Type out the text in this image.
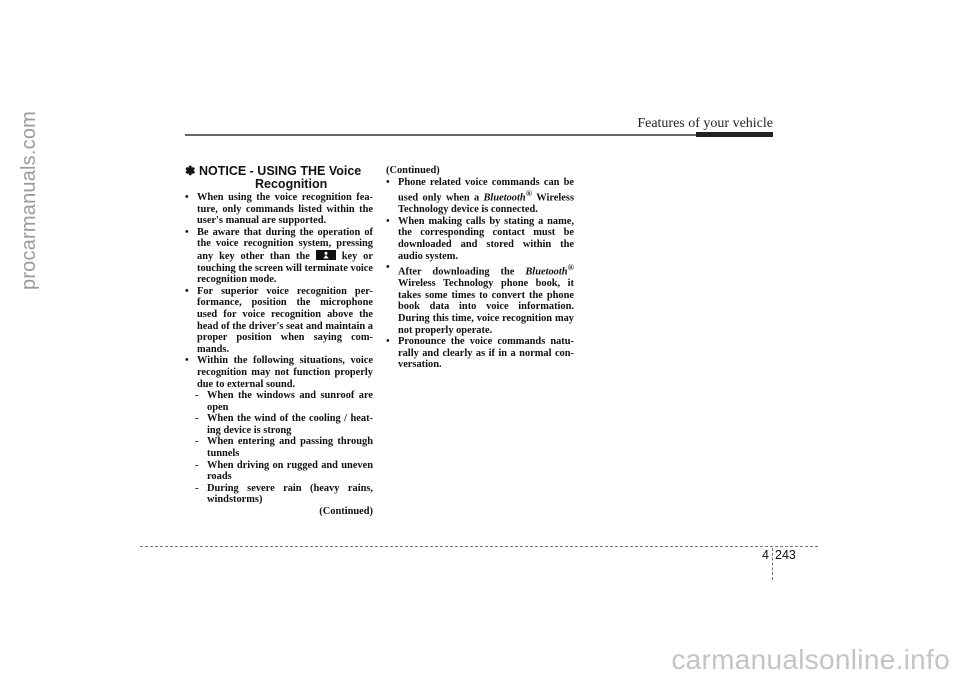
procarmanuals.com	Features of your vehicle
✽ NOTICE - USING THE Voice
Recognition
• When using the voice recognition fea-ture, only commands listed within the user's manual are supported.
• Be aware that during the operation of the voice recognition system, pressing any key other than the	key or touching the screen will terminate voice recognition mode.
• For superior voice recognition per-formance, position the microphone used for voice recognition above the head of the driver's seat and maintain a proper position when saying com-mands.
• Within the following situations, voice recognition may not function properly due to external sound.
- When the windows and sunroof are open
- When the wind of the cooling / heat-ing device is strong
- When entering and passing through tunnels
- When driving on rugged and uneven roads
- During severe rain (heavy rains, windstorms)
(Continued)
(Continued)
• Phone related voice commands can be used only when a Bluetooth® Wireless Technology device is connected.
• When making calls by stating a name, the corresponding contact must be downloaded and stored within the audio system.
• After downloading the Bluetooth® Wireless Technology phone book, it takes some times to convert the phone book data into voice information. During this time, voice recognition may not properly operate.
• Pronounce the voice commands natu-rally and clearly as if in a normal con-versation.
4 243
carmanualsonline.info
